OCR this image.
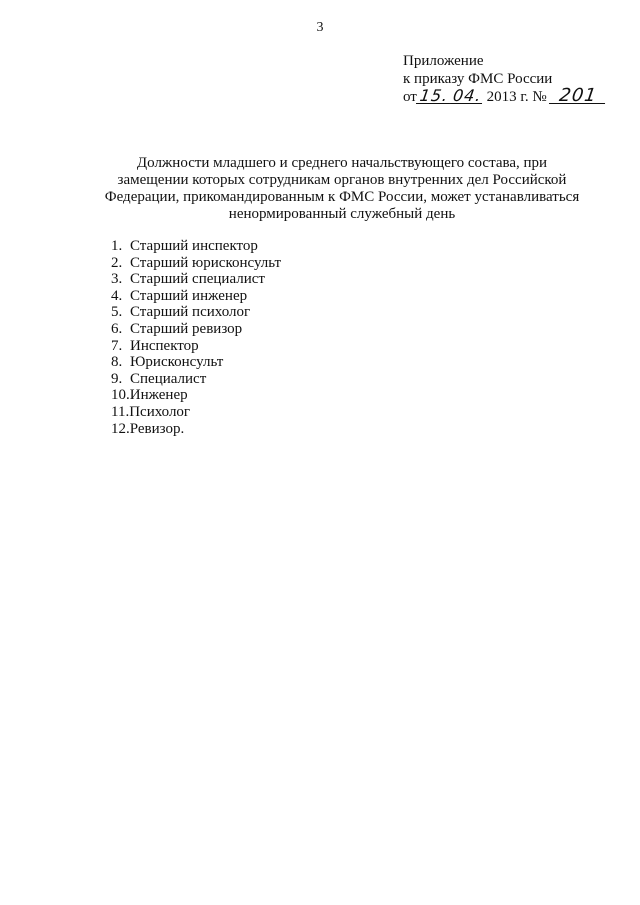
3
Приложение
к приказу ФМС России
от15. 04. 2013 г. № 201
Должности младшего и среднего начальствующего состава, при
замещении которых сотрудникам органов внутренних дел Российской
Федерации, прикомандированным к ФМС России, может устанавливаться
ненормированный служебный день
1. Старший инспектор
2. Старший юрисконсульт
3. Старший специалист
4. Старший инженер
5. Старший психолог
6. Старший ревизор
7. Инспектор
8. Юрисконсульт
9. Специалист
10. Инженер
11. Психолог
12. Ревизор.
